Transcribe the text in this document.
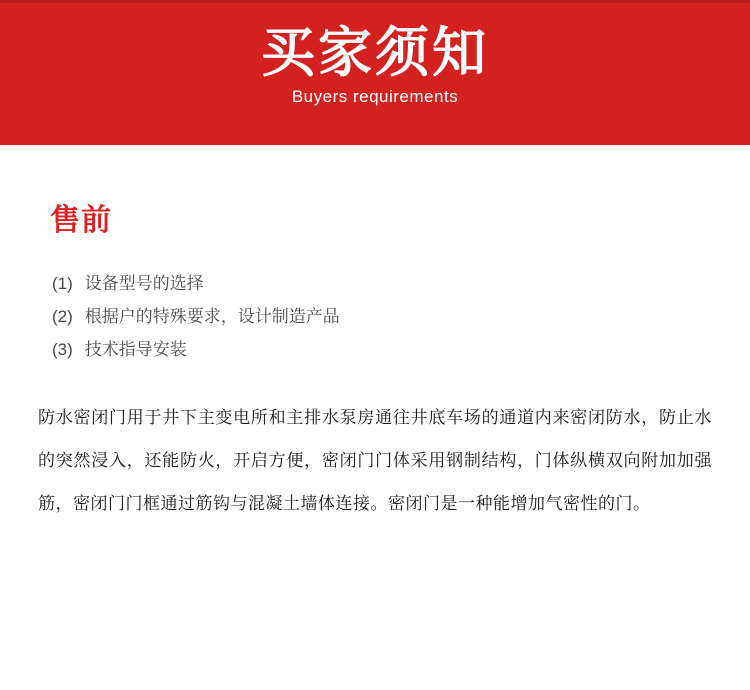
买家须知
Buyers requirements
售前
(1) 设备型号的选择
(2) 根据户的特殊要求，设计制造产品
(3) 技术指导安装

防水密闭门用于井下主变电所和主排水泵房通往井底车场的通道内来密闭防水，防止水的突然浸入，还能防火，开启方便，密闭门门体采用钢制结构，门体纵横双向附加加强筋，密闭门门框通过筋钩与混凝土墙体连接。密闭门是一种能增加气密性的门。
